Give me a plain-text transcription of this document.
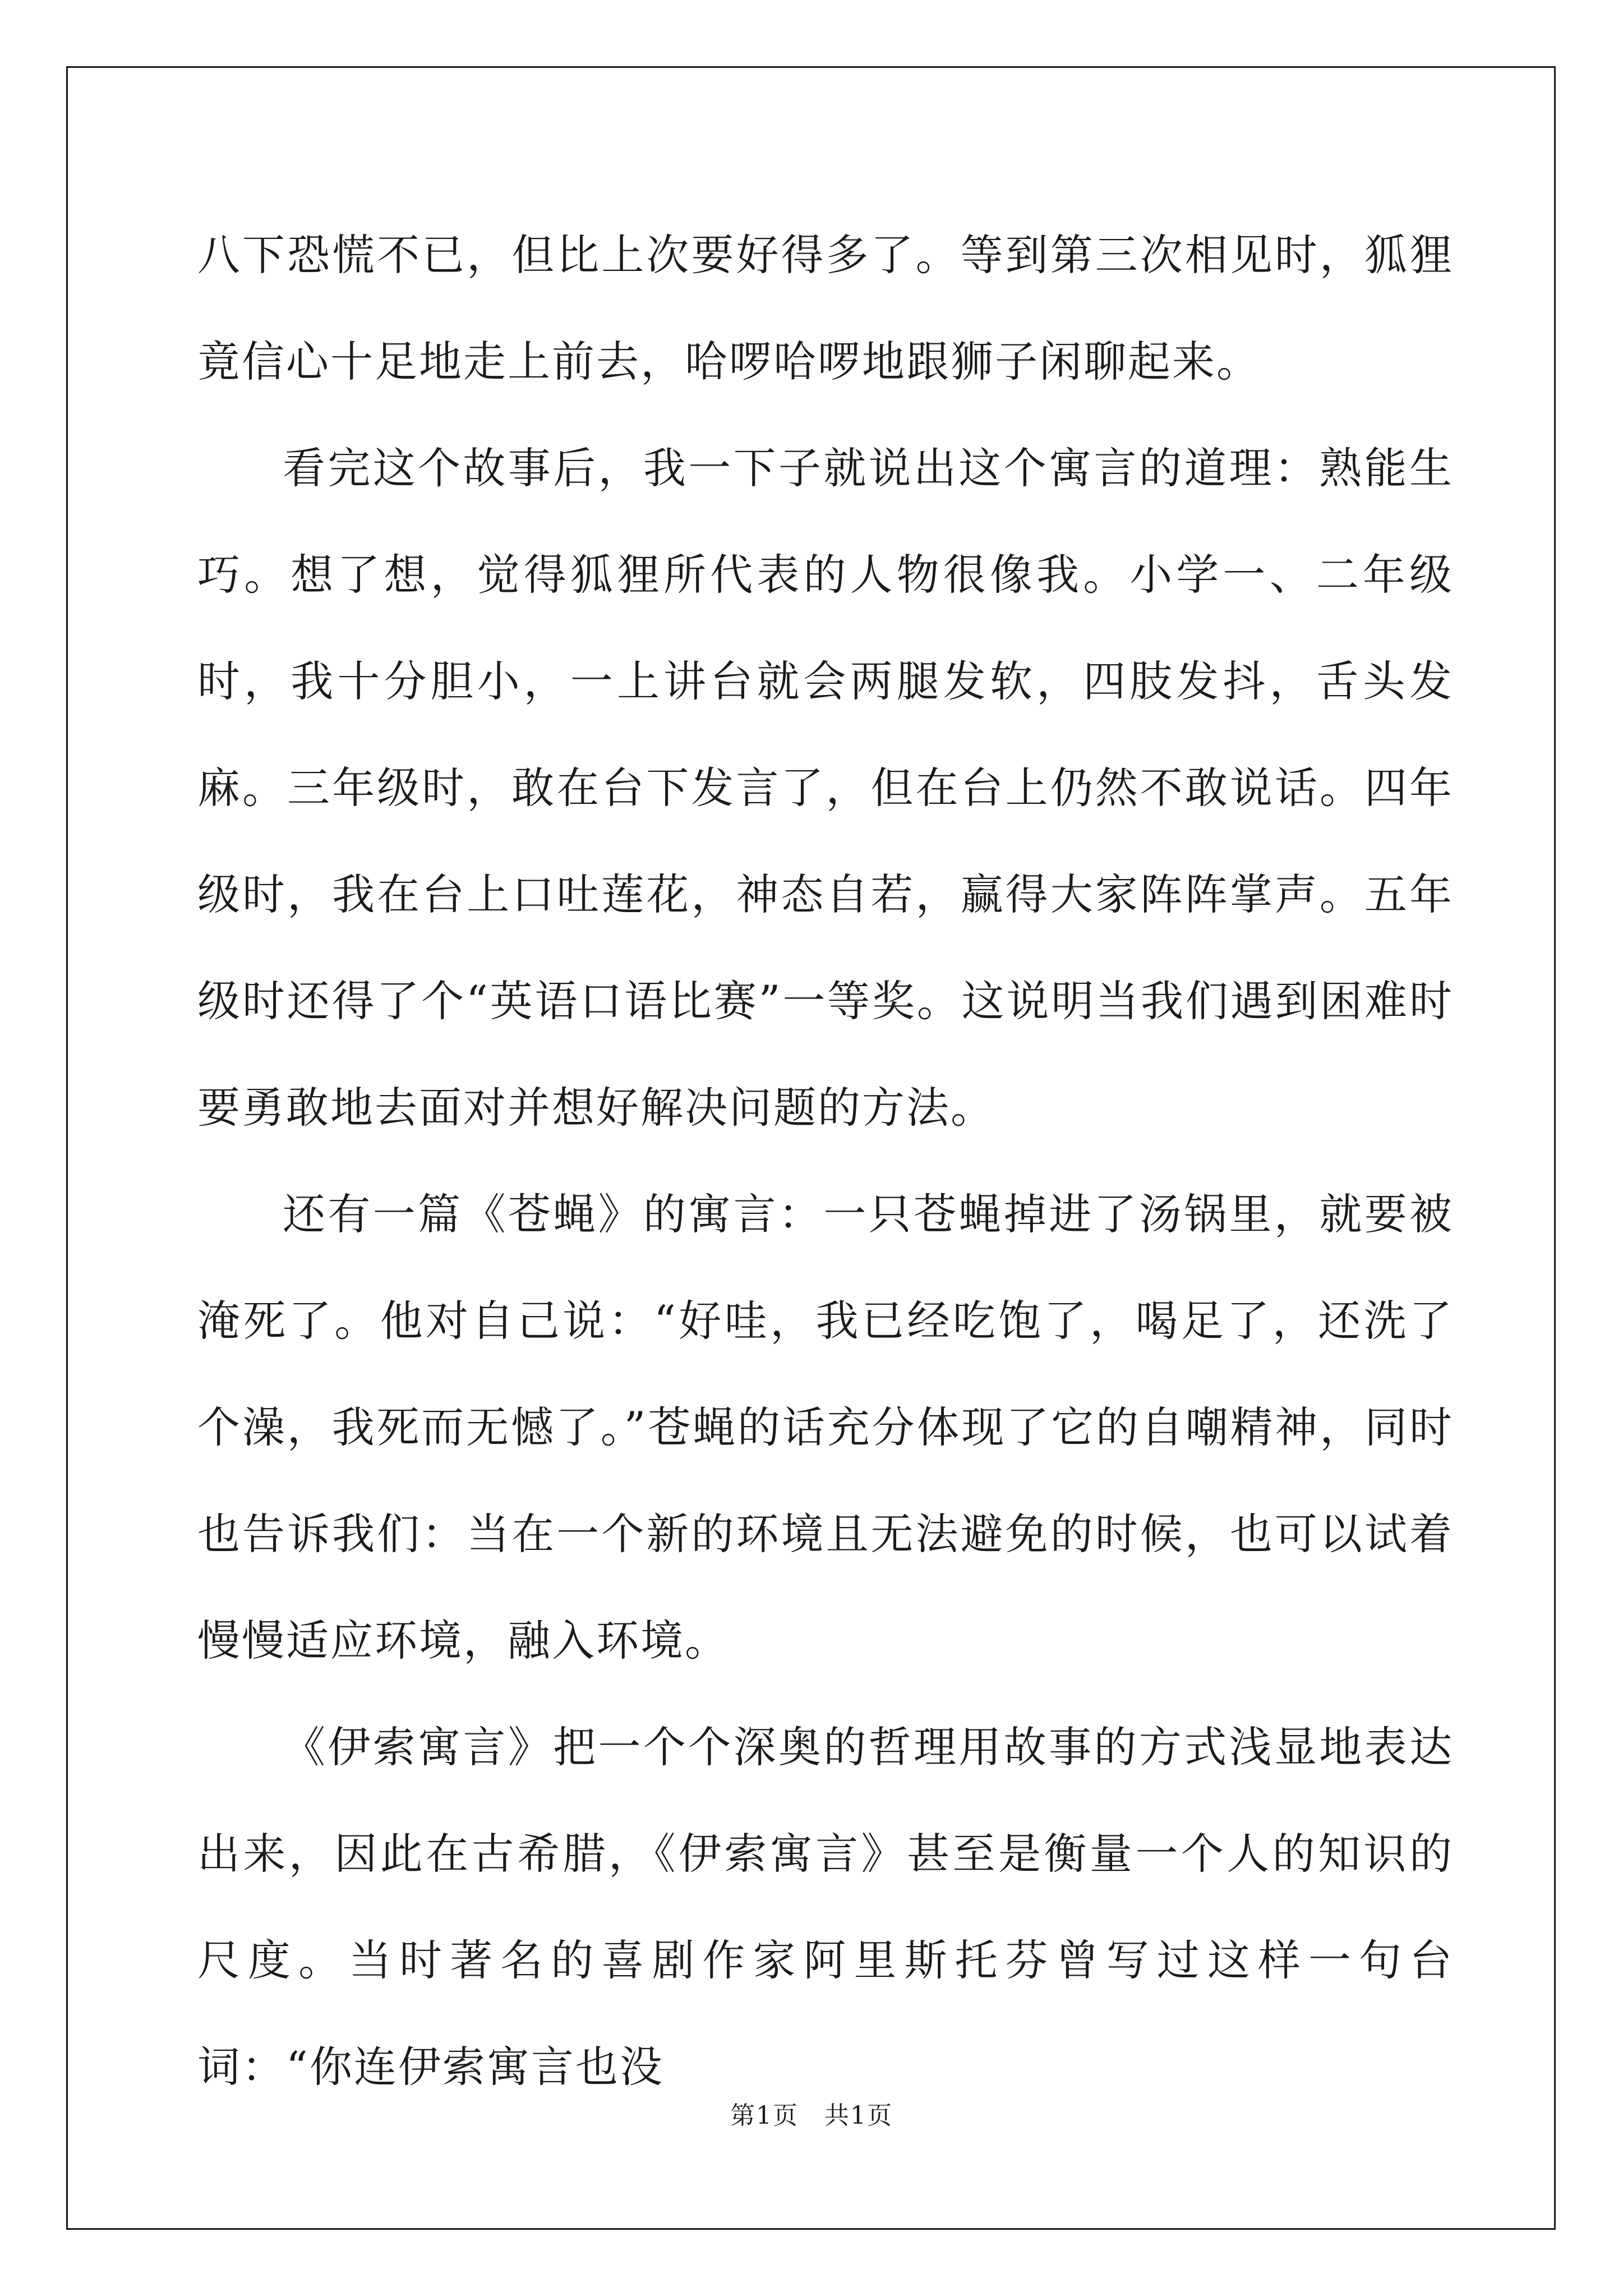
八下恐慌不已，但比上次要好得多了。等到第三次相见时，狐狸竟信心十足地走上前去，哈啰哈啰地跟狮子闲聊起来。

看完这个故事后，我一下子就说出这个寓言的道理：熟能生巧。想了想，觉得狐狸所代表的人物很像我。小学一、二年级时，我十分胆小，一上讲台就会两腿发软，四肢发抖，舌头发麻。三年级时，敢在台下发言了，但在台上仍然不敢说话。四年级时，我在台上口吐莲花，神态自若，赢得大家阵阵掌声。五年级时还得了个“英语口语比赛”一等奖。这说明当我们遇到困难时要勇敢地去面对并想好解决问题的方法。

还有一篇《苍蝇》的寓言：一只苍蝇掉进了汤锅里，就要被淹死了。他对自己说：“好哇，我已经吃饱了，喝足了，还洗了个澡，我死而无憾了。”苍蝇的话充分体现了它的自嘲精神，同时也告诉我们：当在一个新的环境且无法避免的时候，也可以试着慢慢适应环境，融入环境。

《伊索寓言》把一个个深奥的哲理用故事的方式浅显地表达出来，因此在古希腊，《伊索寓言》甚至是衡量一个人的知识的尺度。当时著名的喜剧作家阿里斯托芬曾写过这样一句台词：“你连伊索寓言也没

第1页　共1页
